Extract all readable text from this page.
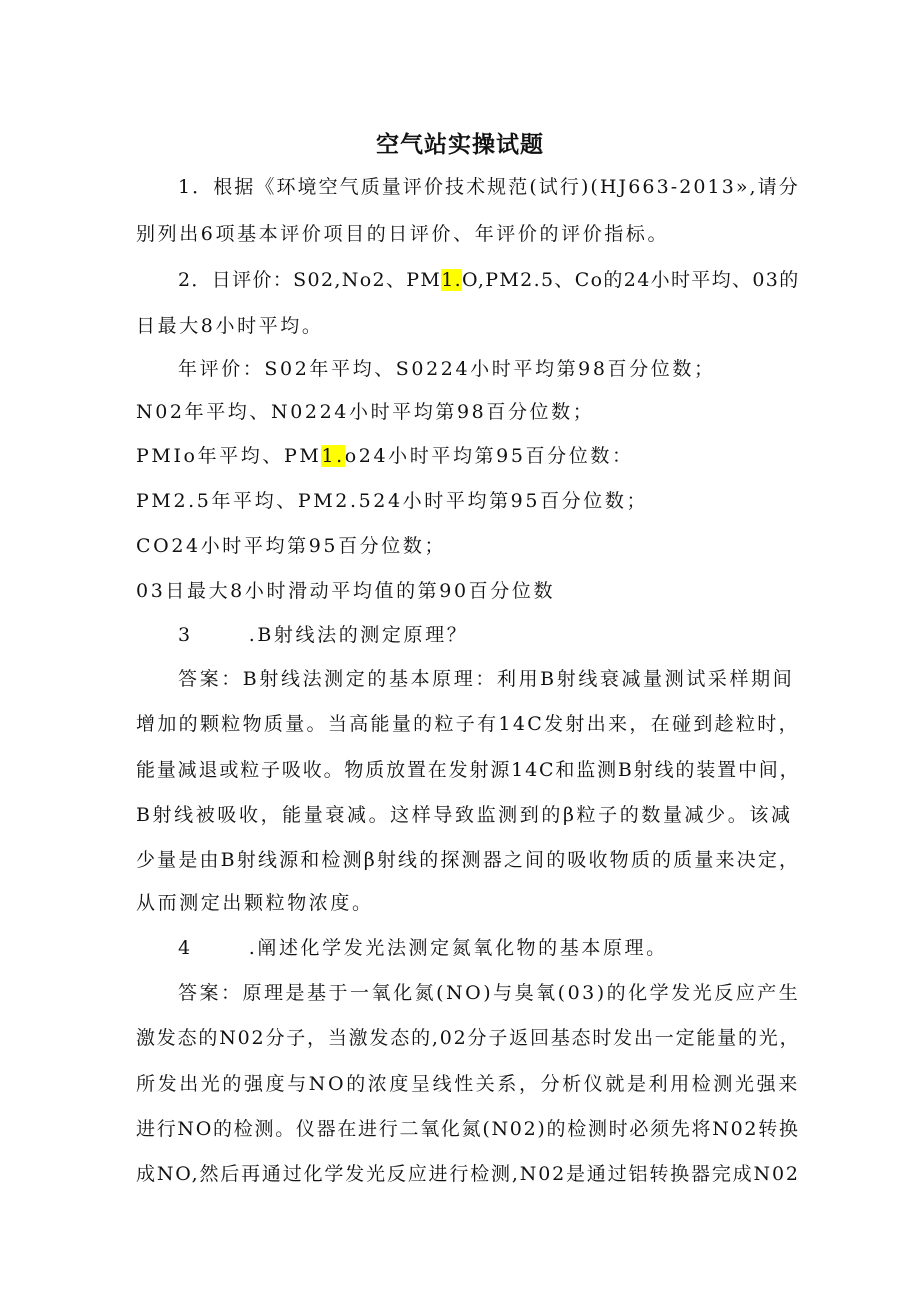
空气站实操试题
1．根据《环境空气质量评价技术规范(试行)(HJ663-2013»,请分
别列出6项基本评价项目的日评价、年评价的评价指标。
2．日评价：S02,No2、PM1.O,PM2.5、Co的24小时平均、03的
日最大8小时平均。
年评价：S02年平均、S0224小时平均第98百分位数；
N02年平均、N0224小时平均第98百分位数；
PMIo年平均、PM1.o24小时平均第95百分位数：
PM2.5年平均、PM2.524小时平均第95百分位数；
CO24小时平均第95百分位数；
03日最大8小时滑动平均值的第90百分位数
3	.B射线法的测定原理？
答案：B射线法测定的基本原理：利用B射线衰减量测试采样期间
增加的颗粒物质量。当高能量的粒子有14C发射出来，在碰到趁粒时，
能量减退或粒子吸收。物质放置在发射源14C和监测B射线的装置中间，
B射线被吸收，能量衰减。这样导致监测到的β粒子的数量减少。该减
少量是由B射线源和检测β射线的探测器之间的吸收物质的质量来决定，
从而测定出颗粒物浓度。
4	.阐述化学发光法测定氮氧化物的基本原理。
答案：原理是基于一氧化氮(NO)与臭氧(03)的化学发光反应产生
激发态的N02分子，当激发态的,02分子返回基态时发出一定能量的光，
所发出光的强度与NO的浓度呈线性关系，分析仪就是利用检测光强来
进行NO的检测。仪器在进行二氧化氮(N02)的检测时必须先将N02转换
成NO,然后再通过化学发光反应进行检测,N02是通过铝转换器完成N02
